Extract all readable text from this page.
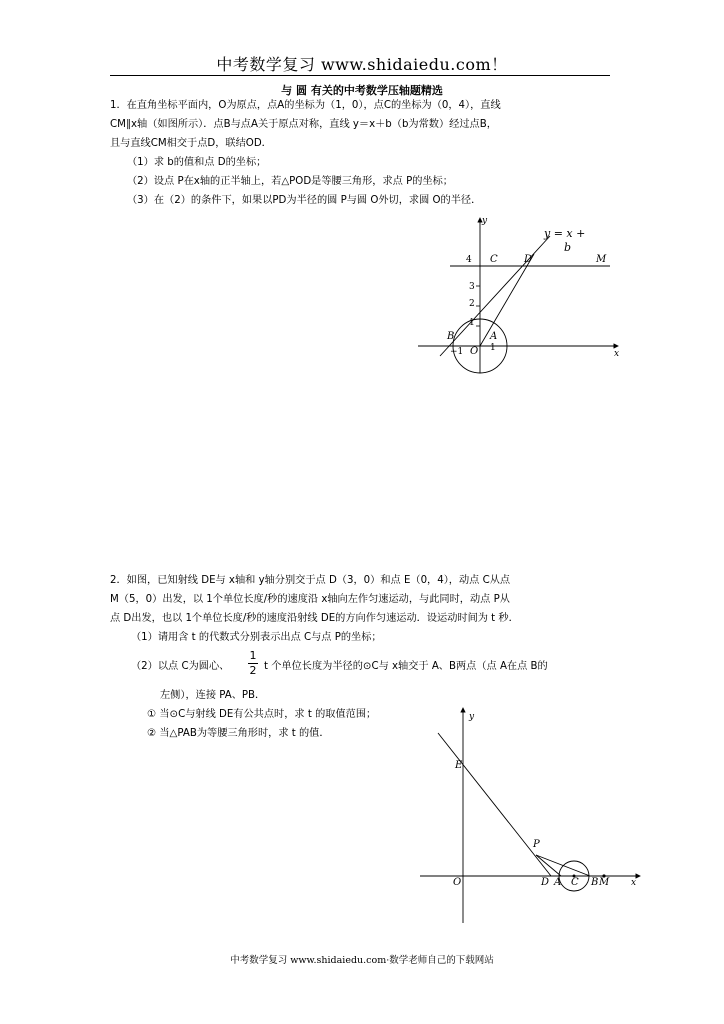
中考数学复习 www.shidaiedu.com！
与 圆 有关的中考数学压轴题精选
1．在直角坐标平面内，O为原点，点A的坐标为（1，0），点C的坐标为（0，4），直线
CM∥x轴（如图所示）．点B与点A关于原点对称，直线 y＝x＋b（b为常数）经过点B，
且与直线CM相交于点D，联结OD．
（1）求 b的值和点 D的坐标；
（2）设点 P在x轴的正半轴上，若△POD是等腰三角形，求点 P的坐标；
（3）在（2）的条件下，如果以PD为半径的圆 P与圆 O外切，求圆 O的半径．
y
x
y = x +
b
4 C	D	M
3
2
1
B	A
−1 O 1
2．如图，已知射线 DE与 x轴和 y轴分别交于点 D（3，0）和点 E（0，4），动点 C从点
M（5，0）出发，以 1个单位长度/秒的速度沿 x轴向左作匀速运动，与此同时，动点 P从
点 D出发，也以 1个单位长度/秒的速度沿射线 DE的方向作匀速运动．设运动时间为 t 秒．
（1）请用含 t 的代数式分别表示出点 C与点 P的坐标；
（2）以点 C为圆心、
1
2 t 个单位长度为半径的⊙C与 x轴交于 A、B两点（点 A在点 B的
左侧），连接 PA、PB．
① 当⊙C与射线 DE有公共点时，求 t 的取值范围；
② 当△PAB为等腰三角形时，求 t 的值．
y
x
E
P
O	D A C B M
中考数学复习 www.shidaiedu.com·数学老师自己的下载网站
